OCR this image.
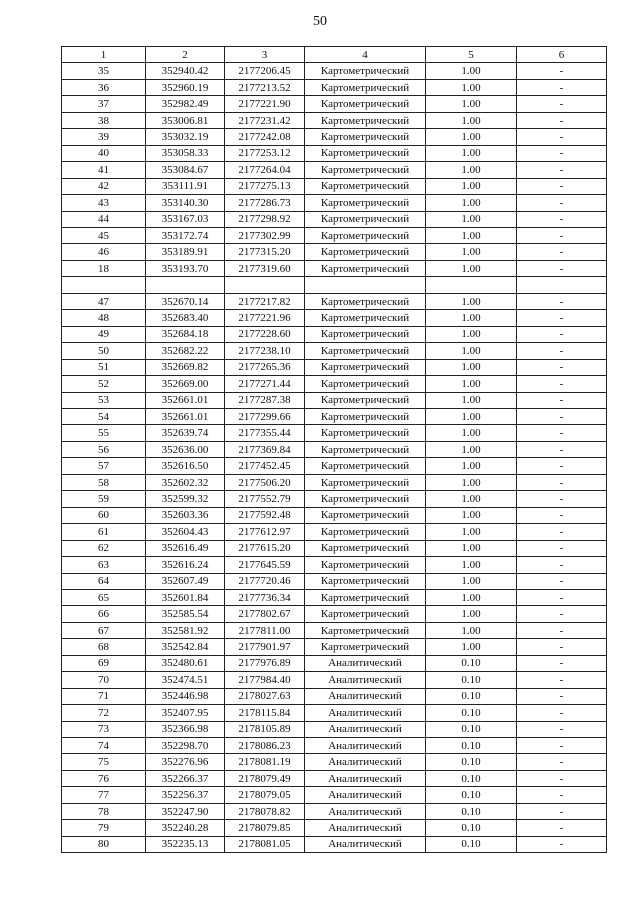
50
1	2	3	4	5	6
35	352940.42	2177206.45	Картометрический	1.00	-
36	352960.19	2177213.52	Картометрический	1.00	-
37	352982.49	2177221.90	Картометрический	1.00	-
38	353006.81	2177231.42	Картометрический	1.00	-
39	353032.19	2177242.08	Картометрический	1.00	-
40	353058.33	2177253.12	Картометрический	1.00	-
41	353084.67	2177264.04	Картометрический	1.00	-
42	353111.91	2177275.13	Картометрический	1.00	-
43	353140.30	2177286.73	Картометрический	1.00	-
44	353167.03	2177298.92	Картометрический	1.00	-
45	353172.74	2177302.99	Картометрический	1.00	-
46	353189.91	2177315.20	Картометрический	1.00	-
18	353193.70	2177319.60	Картометрический	1.00	-

47	352670.14	2177217.82	Картометрический	1.00	-
48	352683.40	2177221.96	Картометрический	1.00	-
49	352684.18	2177228.60	Картометрический	1.00	-
50	352682.22	2177238.10	Картометрический	1.00	-
51	352669.82	2177265.36	Картометрический	1.00	-
52	352669.00	2177271.44	Картометрический	1.00	-
53	352661.01	2177287.38	Картометрический	1.00	-
54	352661.01	2177299.66	Картометрический	1.00	-
55	352639.74	2177355.44	Картометрический	1.00	-
56	352636.00	2177369.84	Картометрический	1.00	-
57	352616.50	2177452.45	Картометрический	1.00	-
58	352602.32	2177506.20	Картометрический	1.00	-
59	352599.32	2177552.79	Картометрический	1.00	-
60	352603.36	2177592.48	Картометрический	1.00	-
61	352604.43	2177612.97	Картометрический	1.00	-
62	352616.49	2177615.20	Картометрический	1.00	-
63	352616.24	2177645.59	Картометрический	1.00	-
64	352607.49	2177720.46	Картометрический	1.00	-
65	352601.84	2177736.34	Картометрический	1.00	-
66	352585.54	2177802.67	Картометрический	1.00	-
67	352581.92	2177811.00	Картометрический	1.00	-
68	352542.84	2177901.97	Картометрический	1.00	-
69	352480.61	2177976.89	Аналитический	0.10	-
70	352474.51	2177984.40	Аналитический	0.10	-
71	352446.98	2178027.63	Аналитический	0.10	-
72	352407.95	2178115.84	Аналитический	0.10	-
73	352366.98	2178105.89	Аналитический	0.10	-
74	352298.70	2178086.23	Аналитический	0.10	-
75	352276.96	2178081.19	Аналитический	0.10	-
76	352266.37	2178079.49	Аналитический	0.10	-
77	352256.37	2178079.05	Аналитический	0.10	-
78	352247.90	2178078.82	Аналитический	0.10	-
79	352240.28	2178079.85	Аналитический	0.10	-
80	352235.13	2178081.05	Аналитический	0.10	-
